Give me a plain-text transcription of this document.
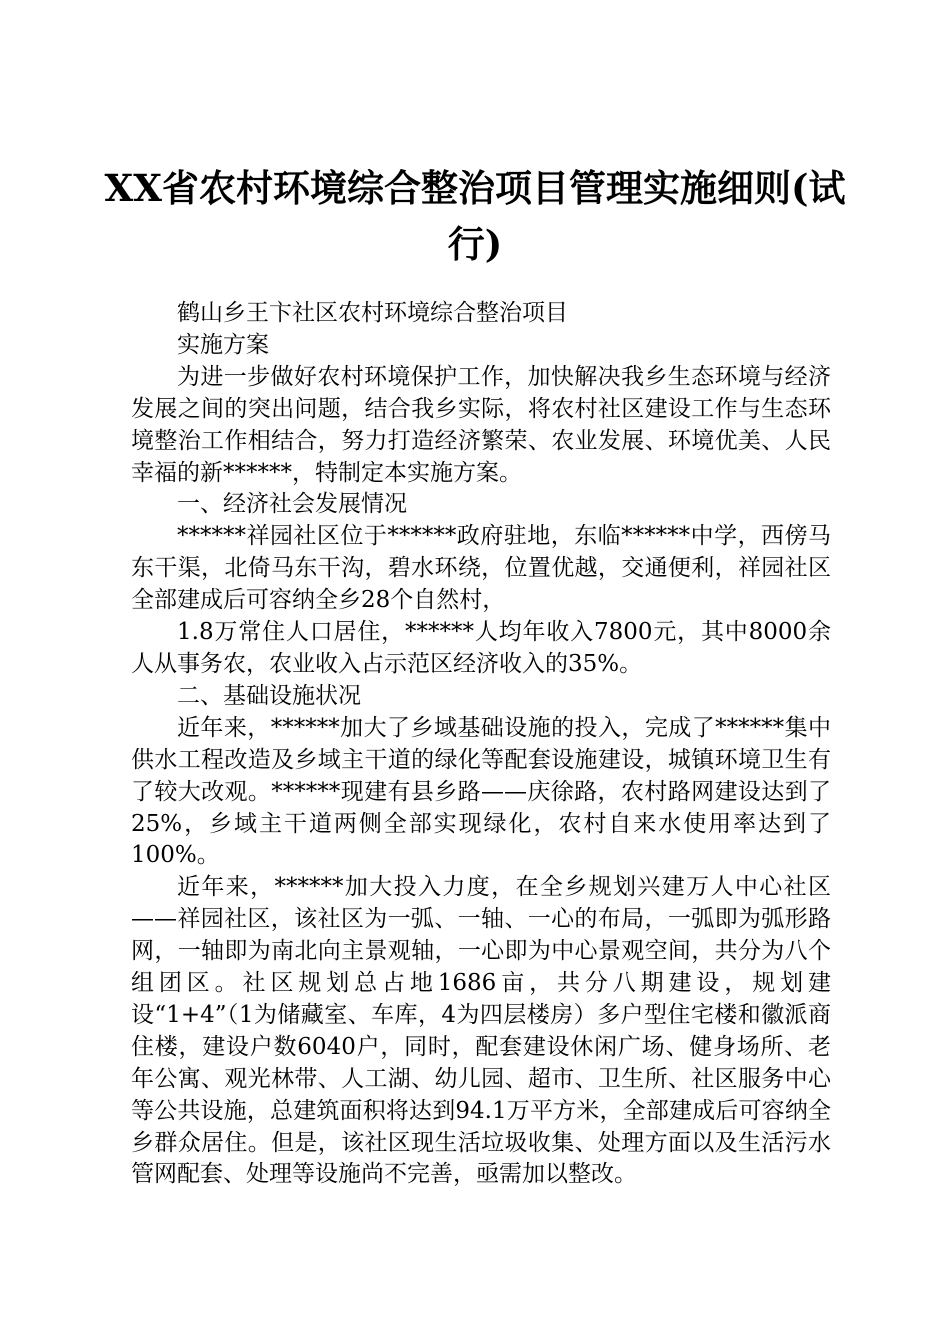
XX省农村环境综合整治项目管理实施细则(试行)

鹤山乡王卞社区农村环境综合整治项目

实施方案

为进一步做好农村环境保护工作，加快解决我乡生态环境与经济发展之间的突出问题，结合我乡实际，将农村社区建设工作与生态环境整治工作相结合，努力打造经济繁荣、农业发展、环境优美、人民幸福的新******，特制定本实施方案。

一、经济社会发展情况

******祥园社区位于******政府驻地，东临******中学，西傍马东干渠，北倚马东干沟，碧水环绕，位置优越，交通便利，祥园社区全部建成后可容纳全乡28个自然村，

1.8万常住人口居住，******人均年收入7800元，其中8000余人从事务农，农业收入占示范区经济收入的35%。

二、基础设施状况

近年来，******加大了乡域基础设施的投入，完成了******集中供水工程改造及乡域主干道的绿化等配套设施建设，城镇环境卫生有了较大改观。******现建有县乡路——庆徐路，农村路网建设达到了25%，乡域主干道两侧全部实现绿化，农村自来水使用率达到了100%。

近年来，******加大投入力度，在全乡规划兴建万人中心社区——祥园社区，该社区为一弧、一轴、一心的布局，一弧即为弧形路网，一轴即为南北向主景观轴，一心即为中心景观空间，共分为八个组团区。社区规划总占地1686亩，共分八期建设，规划建设“1+4”（1为储藏室、车库，4为四层楼房）多户型住宅楼和徽派商住楼，建设户数6040户，同时，配套建设休闲广场、健身场所、老年公寓、观光林带、人工湖、幼儿园、超市、卫生所、社区服务中心等公共设施，总建筑面积将达到94.1万平方米，全部建成后可容纳全乡群众居住。但是，该社区现生活垃圾收集、处理方面以及生活污水管网配套、处理等设施尚不完善，亟需加以整改。
